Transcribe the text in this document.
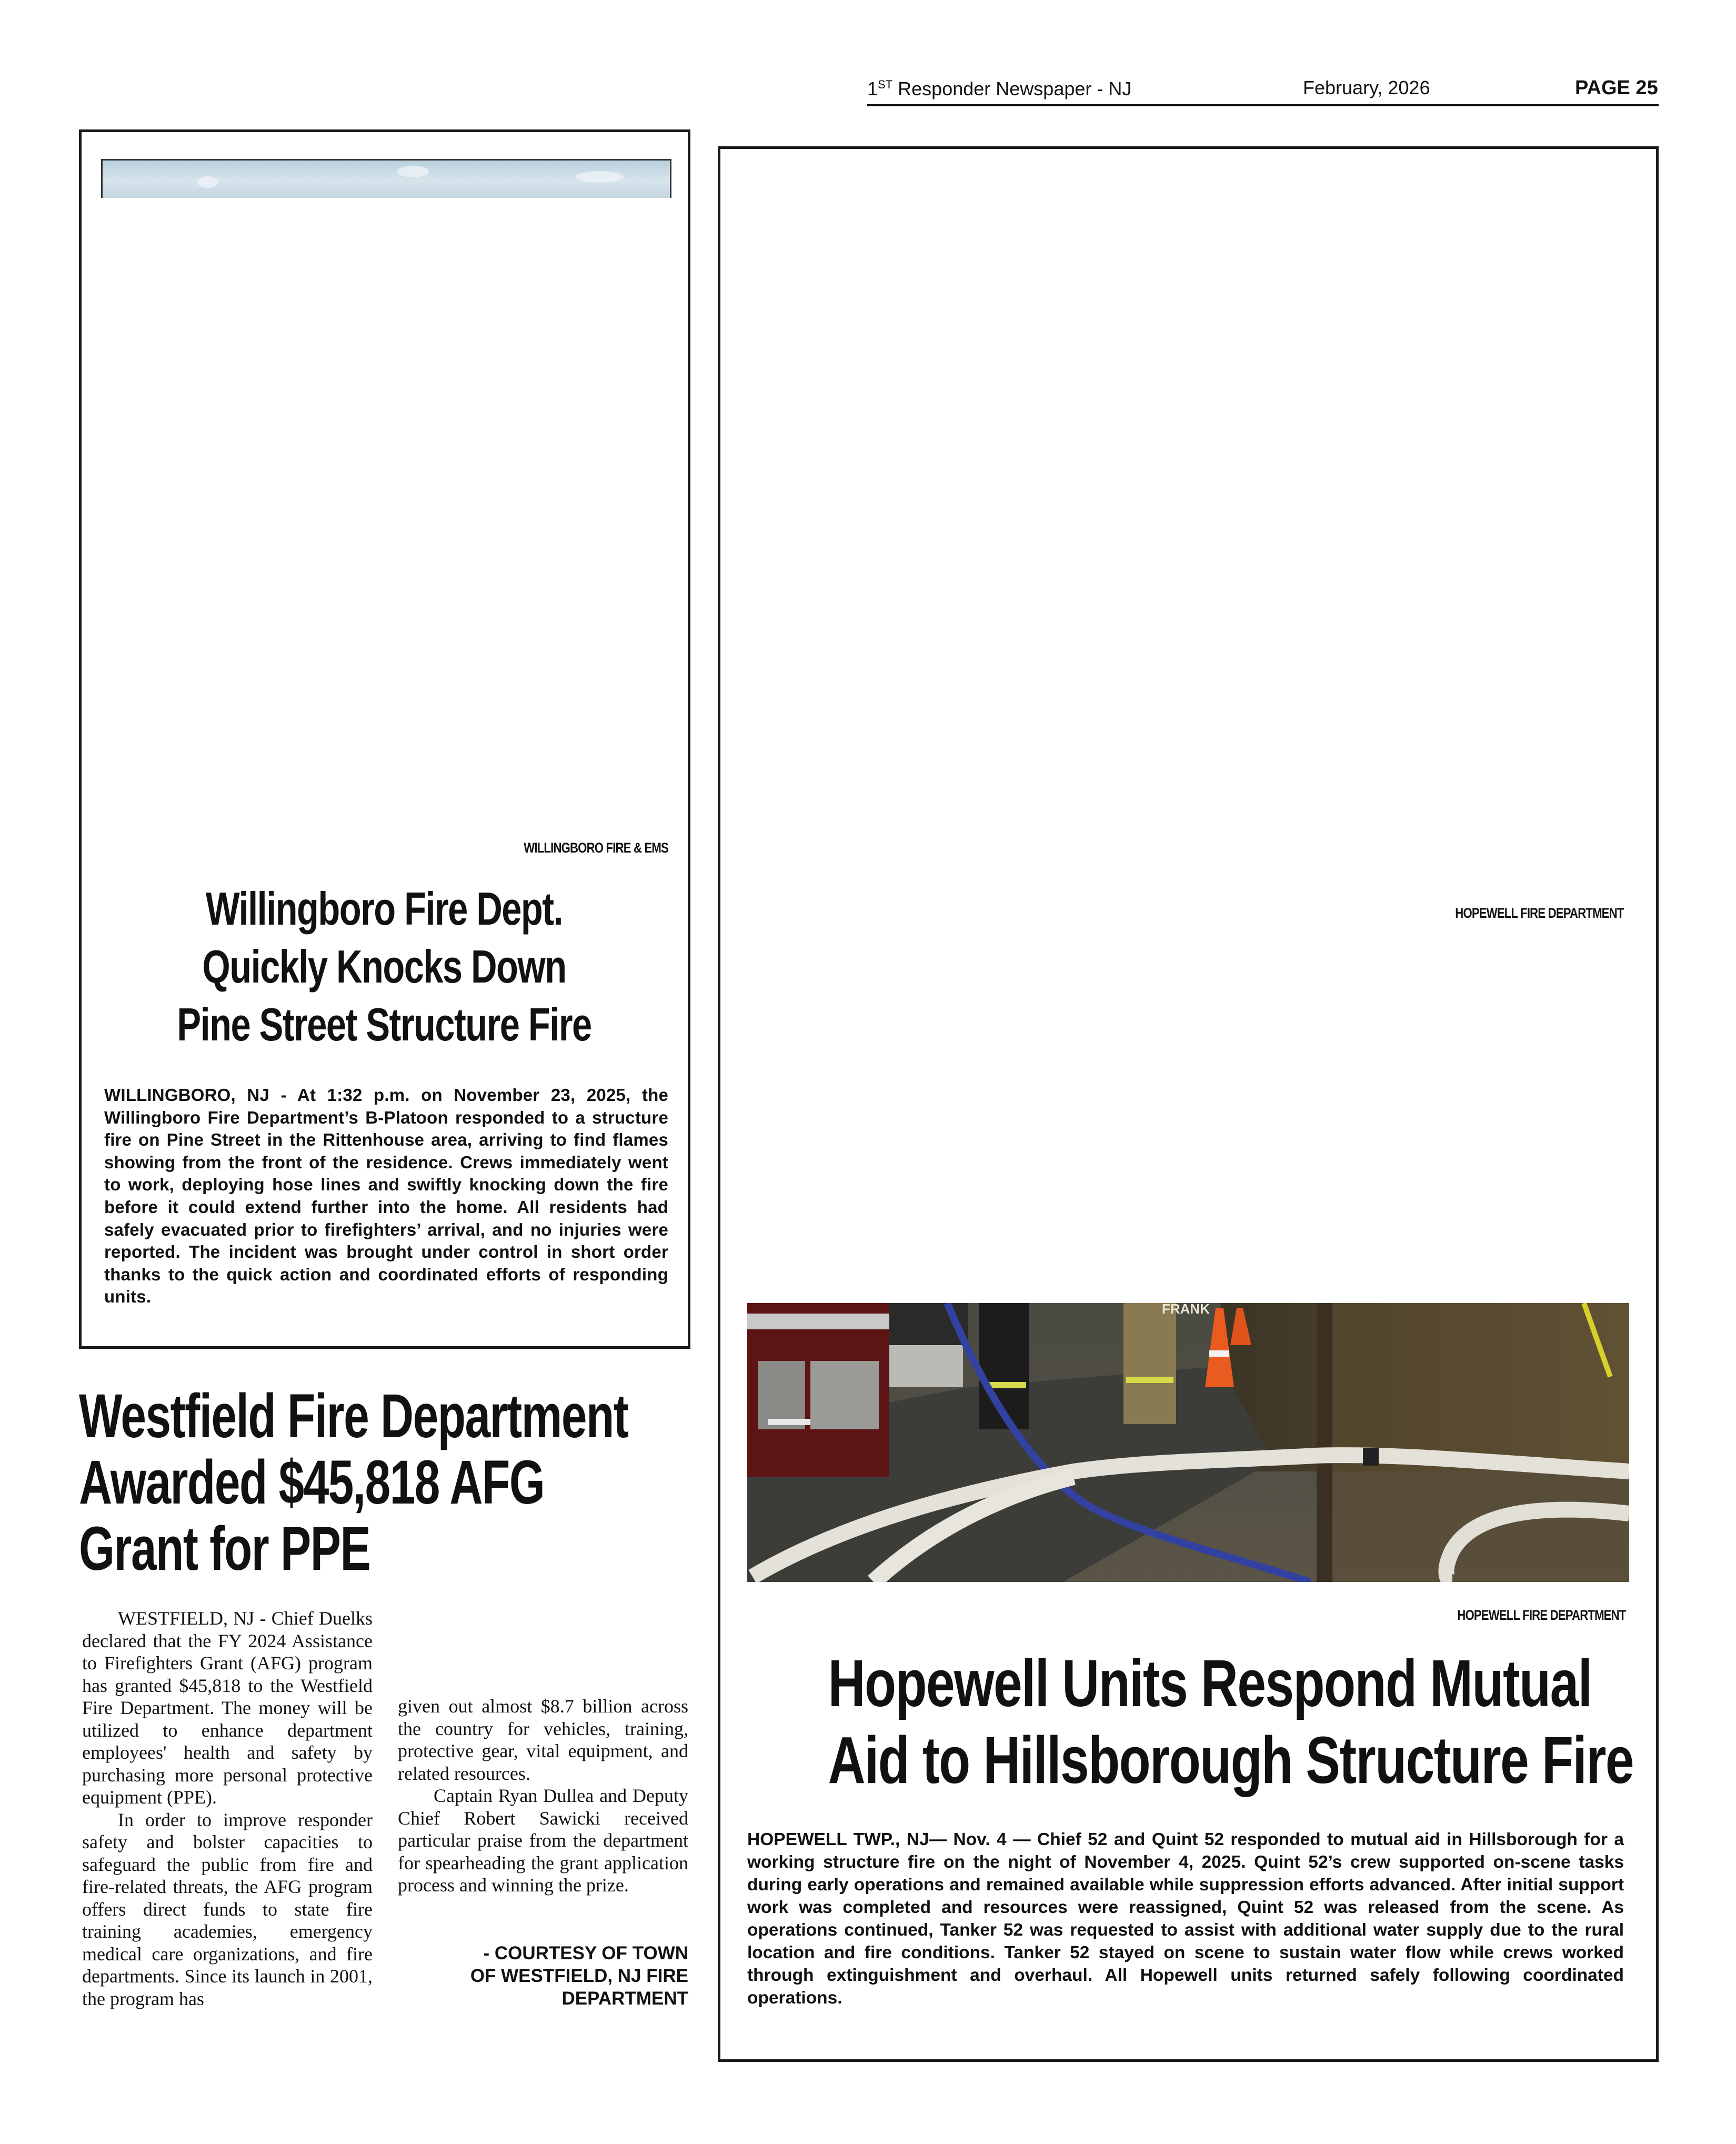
1ST Responder Newspaper - NJ	February, 2026	PAGE 25
WILLINGBORO FIRE & EMS
Willingboro Fire Dept.
Quickly Knocks Down
Pine Street Structure Fire
WILLINGBORO, NJ - At 1:32 p.m. on November 23, 2025, the Willingboro Fire Department’s B-Platoon responded to a structure fire on Pine Street in the Rittenhouse area, arriving to find flames showing from the front of the residence. Crews immediately went to work, deploying hose lines and swiftly knocking down the fire before it could extend further into the home. All residents had safely evacuated prior to firefighters’ arrival, and no injuries were reported. The incident was brought under control in short order thanks to the quick action and coordinated efforts of responding units.
Westfield Fire Department
Awarded $45,818 AFG
Grant for PPE

WESTFIELD, NJ - Chief Duelks declared that the FY 2024 Assistance to Firefighters Grant (AFG) program has granted $45,818 to the Westfield Fire Department. The money will be utilized to enhance department employees' health and safety by purchasing more personal protective equipment (PPE).

In order to improve responder safety and bolster capacities to safeguard the public from fire and fire-related threats, the AFG program offers direct funds to state fire training academies, emergency medical care organizations, and fire departments. Since its launch in 2001, the program has

given out almost $8.7 billion across the country for vehicles, training, protective gear, vital equipment, and related resources.

Captain Ryan Dullea and Deputy Chief Robert Sawicki received particular praise from the department for spearheading the grant application process and winning the prize.

- COURTESY OF TOWN
OF WESTFIELD, NJ FIRE
DEPARTMENT
HOPEWELL FIRE DEPARTMENT
FRANK
HOPEWELL FIRE DEPARTMENT
Hopewell Units Respond Mutual
Aid to Hillsborough Structure Fire
HOPEWELL TWP., NJ— Nov. 4 — Chief 52 and Quint 52 responded to mutual aid in Hillsborough for a working structure fire on the night of November 4, 2025. Quint 52’s crew supported on-scene tasks during early operations and remained available while suppression efforts advanced. After initial support work was completed and resources were reassigned, Quint 52 was released from the scene. As operations continued, Tanker 52 was requested to assist with additional water supply due to the rural location and fire conditions. Tanker 52 stayed on scene to sustain water flow while crews worked through extinguishment and overhaul. All Hopewell units returned safely following coordinated operations.
